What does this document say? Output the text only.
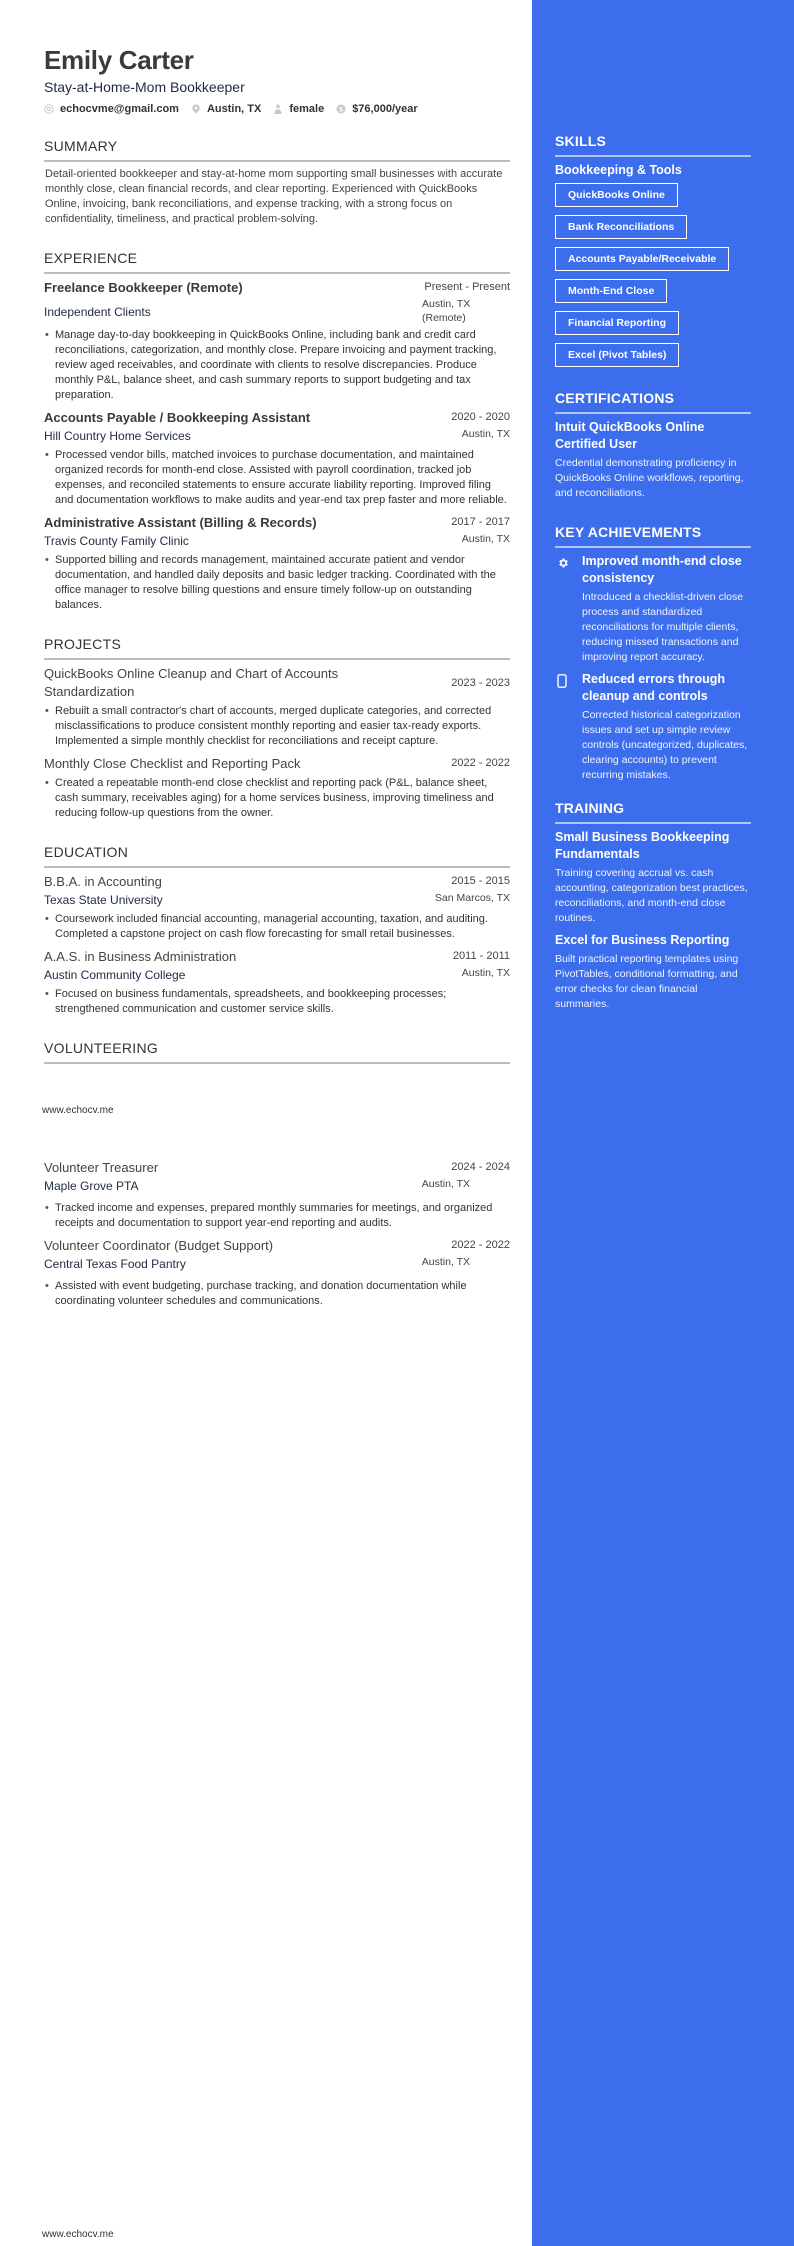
Emily Carter
Stay-at-Home-Mom Bookkeeper
echocvme@gmail.com	Austin, TX	female $ $76,000/year
SUMMARY
Detail-oriented bookkeeper and stay-at-home mom supporting small businesses with accurate monthly close, clean financial records, and clear reporting. Experienced with QuickBooks Online, invoicing, bank reconciliations, and expense tracking, with a strong focus on confidentiality, timeliness, and practical problem-solving.
EXPERIENCE
Freelance Bookkeeper (Remote)	Present - Present
Independent Clients
Austin, TX (Remote)
• Manage day-to-day bookkeeping in QuickBooks Online, including bank and credit card reconciliations, categorization, and monthly close. Prepare invoicing and payment tracking, review aged receivables, and coordinate with clients to resolve discrepancies. Produce monthly P&L, balance sheet, and cash summary reports to support budgeting and tax preparation.
Accounts Payable / Bookkeeping Assistant	2020 - 2020
Hill Country Home Services	Austin, TX
• Processed vendor bills, matched invoices to purchase documentation, and maintained organized records for month-end close. Assisted with payroll coordination, tracked job expenses, and reconciled statements to ensure accurate liability reporting. Improved filing and documentation workflows to make audits and year-end tax prep faster and more reliable.
Administrative Assistant (Billing & Records)	2017 - 2017
Travis County Family Clinic	Austin, TX
• Supported billing and records management, maintained accurate patient and vendor documentation, and handled daily deposits and basic ledger tracking. Coordinated with the office manager to resolve billing questions and ensure timely follow-up on outstanding balances.
PROJECTS
QuickBooks Online Cleanup and Chart of Accounts Standardization
2023 - 2023
• Rebuilt a small contractor's chart of accounts, merged duplicate categories, and corrected misclassifications to produce consistent monthly reporting and easier tax-ready exports. Implemented a simple monthly checklist for reconciliations and receipt capture.
Monthly Close Checklist and Reporting Pack	2022 - 2022
• Created a repeatable month-end close checklist and reporting pack (P&L, balance sheet, cash summary, receivables aging) for a home services business, improving timeliness and reducing follow-up questions from the owner.
EDUCATION
B.B.A. in Accounting	2015 - 2015
Texas State University	San Marcos, TX
• Coursework included financial accounting, managerial accounting, taxation, and auditing. Completed a capstone project on cash flow forecasting for small retail businesses.
A.A.S. in Business Administration	2011 - 2011
Austin Community College	Austin, TX
• Focused on business fundamentals, spreadsheets, and bookkeeping processes; strengthened communication and customer service skills.
VOLUNTEERING
Volunteer Treasurer	2024 - 2024
Maple Grove PTA	Austin, TX
• Tracked income and expenses, prepared monthly summaries for meetings, and organized receipts and documentation to support year-end reporting and audits.
Volunteer Coordinator (Budget Support)	2022 - 2022
Central Texas Food Pantry	Austin, TX
• Assisted with event budgeting, purchase tracking, and donation documentation while coordinating volunteer schedules and communications.
www.echocv.me
www.echocv.me
SKILLS
Bookkeeping & Tools
QuickBooks Online
Bank Reconciliations
Accounts Payable/Receivable
Month-End Close
Financial Reporting
Excel (Pivot Tables)
CERTIFICATIONS
Intuit QuickBooks Online Certified User
Credential demonstrating proficiency in QuickBooks Online workflows, reporting, and reconciliations.
KEY ACHIEVEMENTS
Improved month-end close consistency
Introduced a checklist-driven close process and standardized reconciliations for multiple clients, reducing missed transactions and improving report accuracy.
Reduced errors through cleanup and controls
Corrected historical categorization issues and set up simple review controls (uncategorized, duplicates, clearing accounts) to prevent recurring mistakes.
TRAINING
Small Business Bookkeeping Fundamentals
Training covering accrual vs. cash accounting, categorization best practices, reconciliations, and month-end close routines.
Excel for Business Reporting
Built practical reporting templates using PivotTables, conditional formatting, and error checks for clean financial summaries.
